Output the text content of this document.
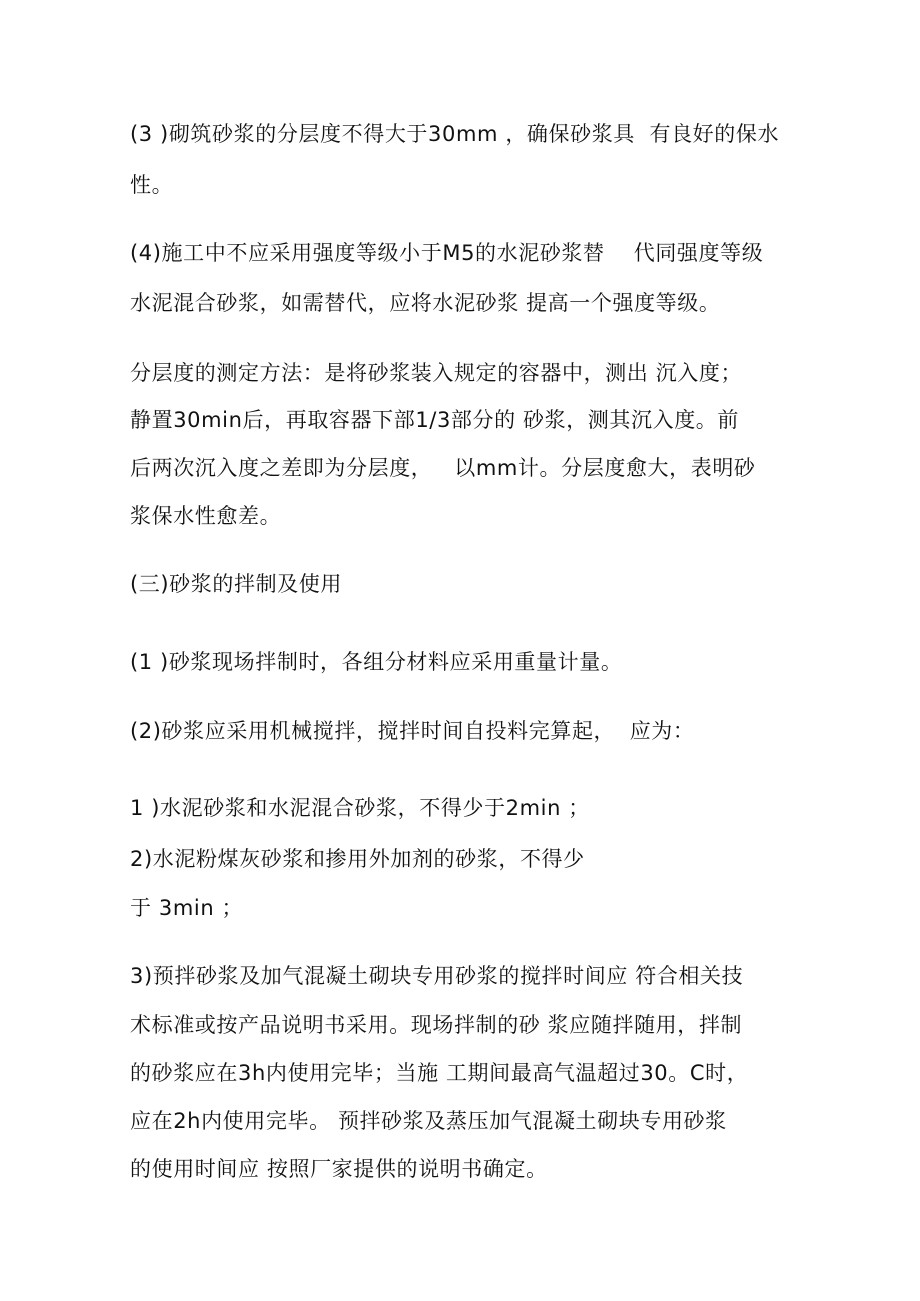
(3 )砌筑砂浆的分层度不得大于30mm ，确保砂浆具  有良好的保水
性。
(4)施工中不应采用强度等级小于M5的水泥砂浆替    代同强度等级
水泥混合砂浆，如需替代，应将水泥砂浆 提高一个强度等级。
分层度的测定方法：是将砂浆装入规定的容器中，测出 沉入度；
静置30min后，再取容器下部1/3部分的 砂浆，测其沉入度。前
后两次沉入度之差即为分层度，   以mm计。分层度愈大，表明砂
浆保水性愈差。
(三)砂浆的拌制及使用
(1 )砂浆现场拌制时，各组分材料应采用重量计量。
(2)砂浆应采用机械搅拌，搅拌时间自投料完算起，  应为：
1 )水泥砂浆和水泥混合砂浆，不得少于2min ；
2)水泥粉煤灰砂浆和掺用外加剂的砂浆，不得少
于 3min ；
3)预拌砂浆及加气混凝土砌块专用砂浆的搅拌时间应 符合相关技
术标准或按产品说明书采用。现场拌制的砂 浆应随拌随用，拌制
的砂浆应在3h内使用完毕；当施 工期间最高气温超过30。C时，
应在2h内使用完毕。 预拌砂浆及蒸压加气混凝土砌块专用砂浆
的使用时间应 按照厂家提供的说明书确定。
